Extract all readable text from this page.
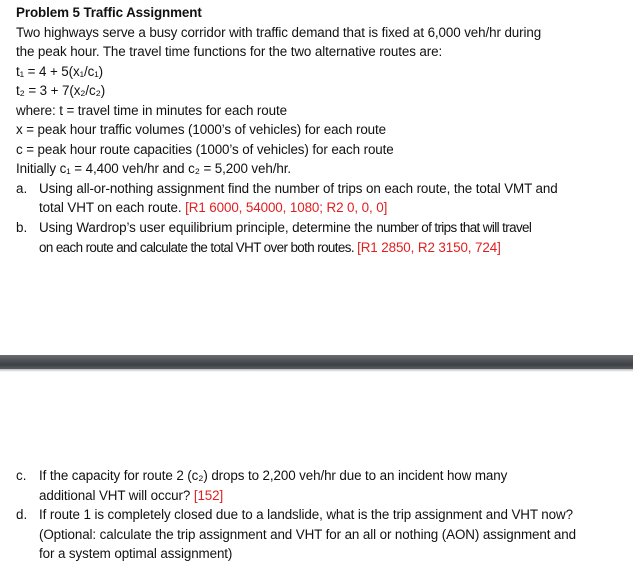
Problem 5 Traffic Assignment
Two highways serve a busy corridor with traffic demand that is fixed at 6,000 veh/hr during
the peak hour. The travel time functions for the two alternative routes are:
t₁ = 4 + 5(x₁/c₁)
t₂ = 3 + 7(x₂/c₂)
where: t = travel time in minutes for each route
x = peak hour traffic volumes (1000’s of vehicles) for each route
c = peak hour route capacities (1000’s of vehicles) for each route
Initially c₁ = 4,400 veh/hr and c₂ = 5,200 veh/hr.
a. Using all-or-nothing assignment find the number of trips on each route, the total VMT and
total VHT on each route. [R1 6000, 54000, 1080; R2 0, 0, 0]
b. Using Wardrop’s user equilibrium principle, determine the number of trips that will travel
on each route and calculate the total VHT over both routes. [R1 2850, R2 3150, 724]
c. If the capacity for route 2 (c₂) drops to 2,200 veh/hr due to an incident how many
additional VHT will occur? [152]
d. If route 1 is completely closed due to a landslide, what is the trip assignment and VHT now?
(Optional: calculate the trip assignment and VHT for an all or nothing (AON) assignment and
for a system optimal assignment)
